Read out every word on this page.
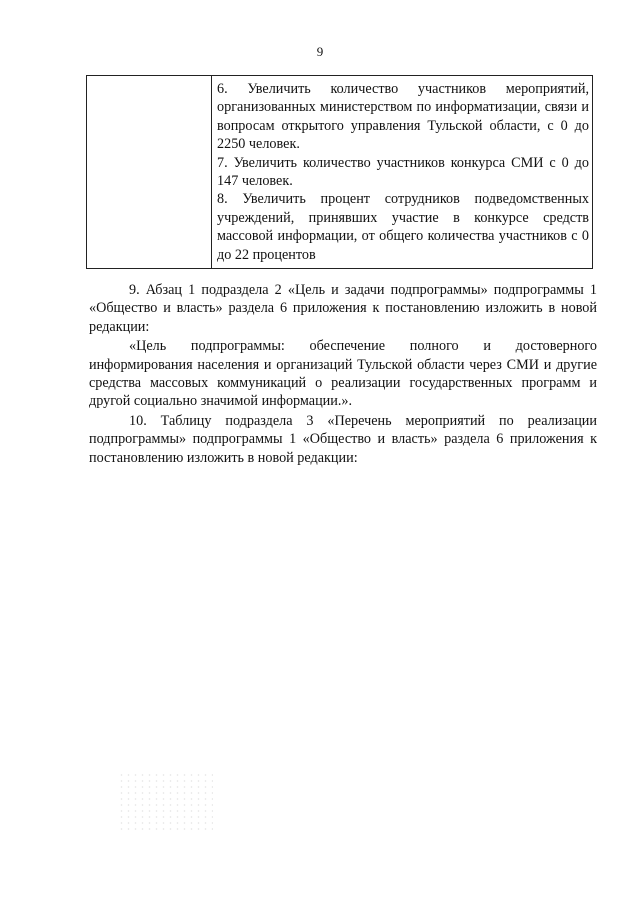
9

6. Увеличить количество участников мероприятий, организованных министерством по информатизации, связи и вопросам открытого управления Тульской области, с 0 до 2250 человек.

7. Увеличить количество участников конкурса СМИ с 0 до 147 человек.

8. Увеличить процент сотрудников подведомственных учреждений, принявших участие в конкурсе средств массовой информации, от общего количества участников с 0 до 22 процентов

9. Абзац 1 подраздела 2 «Цель и задачи подпрограммы» подпрограммы 1 «Общество и власть» раздела 6 приложения к постановлению изложить в новой редакции:

«Цель подпрограммы: обеспечение полного и достоверного информирования населения и организаций Тульской области через СМИ и другие средства массовых коммуникаций о реализации государственных программ и другой социально значимой информации.».

10. Таблицу подраздела 3 «Перечень мероприятий по реализации подпрограммы» подпрограммы 1 «Общество и власть» раздела 6 приложения к постановлению изложить в новой редакции:
